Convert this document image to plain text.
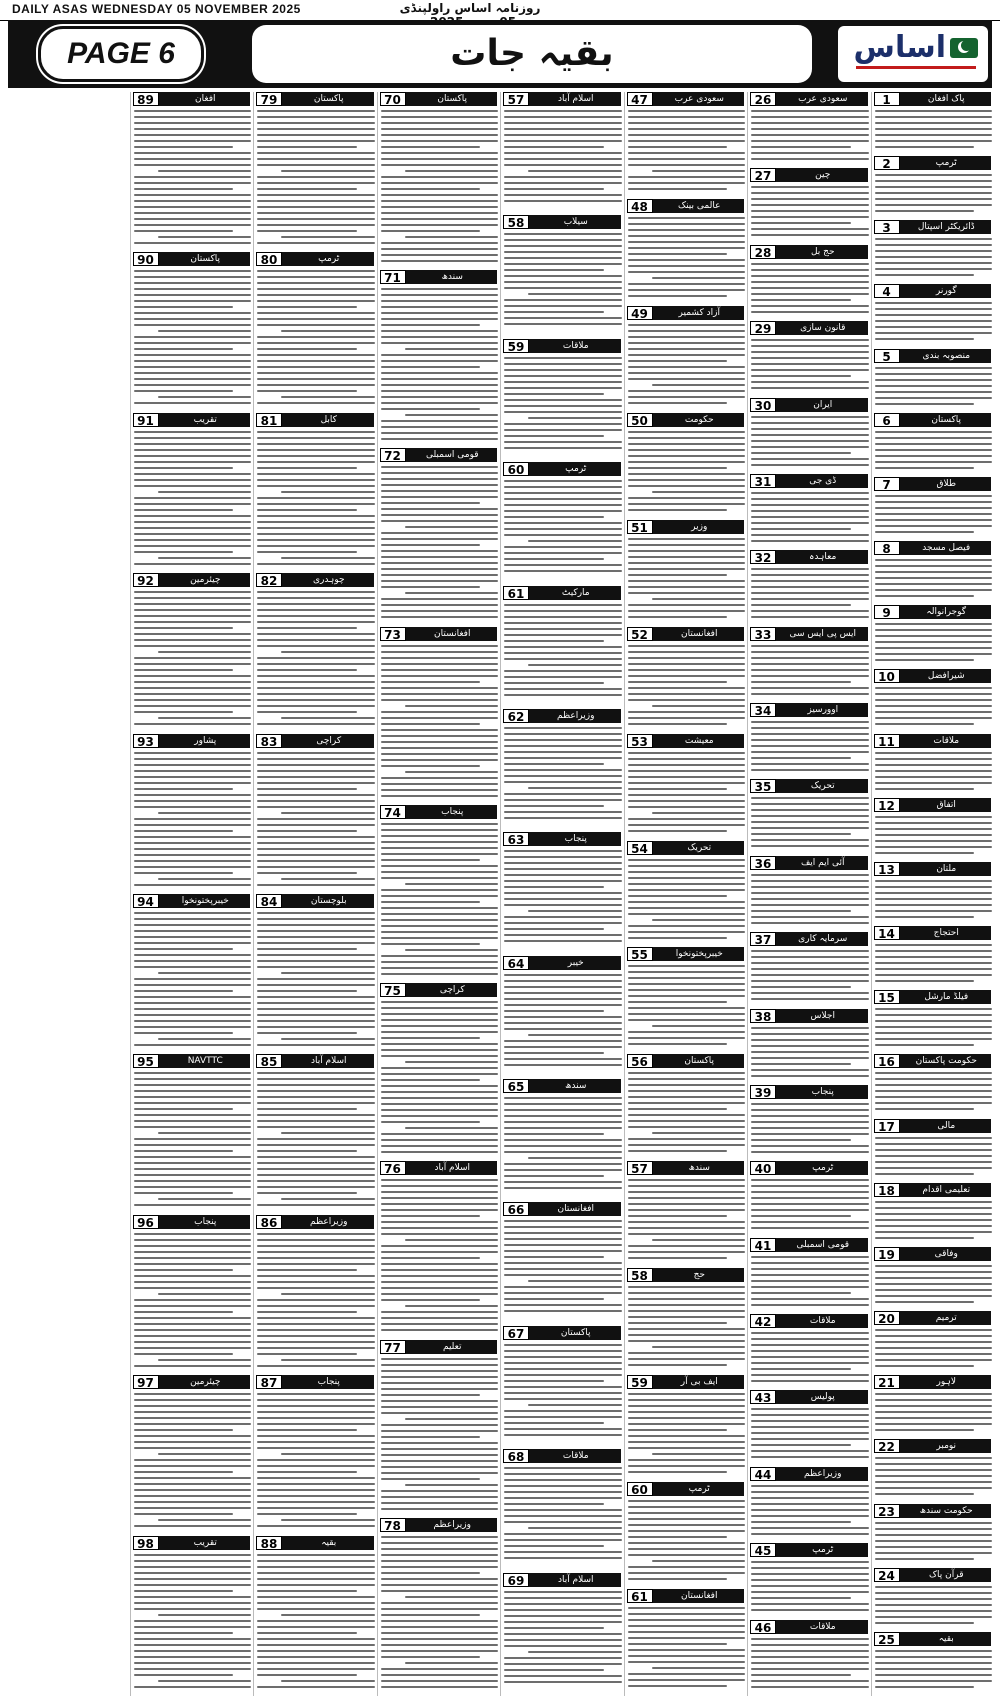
DAILY ASAS WEDNESDAY 05 NOVEMBER 2025	روزنامہ اساس راولپنڈی
PAGE 6	بقیہ جات	اساس
1	پاک افغان
2	ٹرمپ
3	ڈائریکٹر اسپتال
4	گورنر
5	منصوبہ بندی
6	پاکستان
7	طلاق
8	فیصل مسجد
9	گوجرانوالہ
10	شیرافضل
11	ملاقات
12	اتفاق
13	ملتان
14	احتجاج
15	فیلڈ مارشل
16	حکومت پاکستان
17	مالی
18	تعلیمی اقدام
19	وفاقی
20	ترمیم
21	لاہور
22	نومبر
23	حکومت سندھ
24	قرآن پاک
25	بقیہ
26	سعودی عرب
27	چین
28	حج بل
29	قانون سازی
30	ایران
31	ڈی جی
32	معاہدہ
33	ایس پی ایس سی
34	اوورسیز
35	تحریک
36	آئی ایم ایف
37	سرمایہ کاری
38	اجلاس
39	پنجاب
40	ٹرمپ
41	قومی اسمبلی
42	ملاقات
43	پولیس
44	وزیراعظم
45	ٹرمپ
46	ملاقات
47	سعودی عرب
48	عالمی بینک
49	آزاد کشمیر
50	حکومت
51	وزیر
52	افغانستان
53	معیشت
54	تحریک
55	خیبرپختونخوا
56	پاکستان
57	سندھ
58	حج
59	ایف بی آر
60	ٹرمپ
61	افغانستان
57	اسلام آباد
58	سیلاب
59	ملاقات
60	ٹرمپ
61	مارکیٹ
62	وزیراعظم
63	پنجاب
64	خیبر
65	سندھ
66	افغانستان
67	پاکستان
68	ملاقات
69	اسلام آباد
70	پاکستان
71	سندھ
72	قومی اسمبلی
73	افغانستان
74	پنجاب
75	کراچی
76	اسلام آباد
77	تعلیم
78	وزیراعظم
79	پاکستان
80	ٹرمپ
81	کابل
82	چوہدری
83	کراچی
84	بلوچستان
85	اسلام آباد
86	وزیراعظم
87	پنجاب
88	بقیہ
89	افغان
90	پاکستان
91	تقریب
92	چیئرمین
93	پشاور
94	خیبرپختونخوا
95	NAVTTC
96	پنجاب
97	چیئرمین
98	تقریب
